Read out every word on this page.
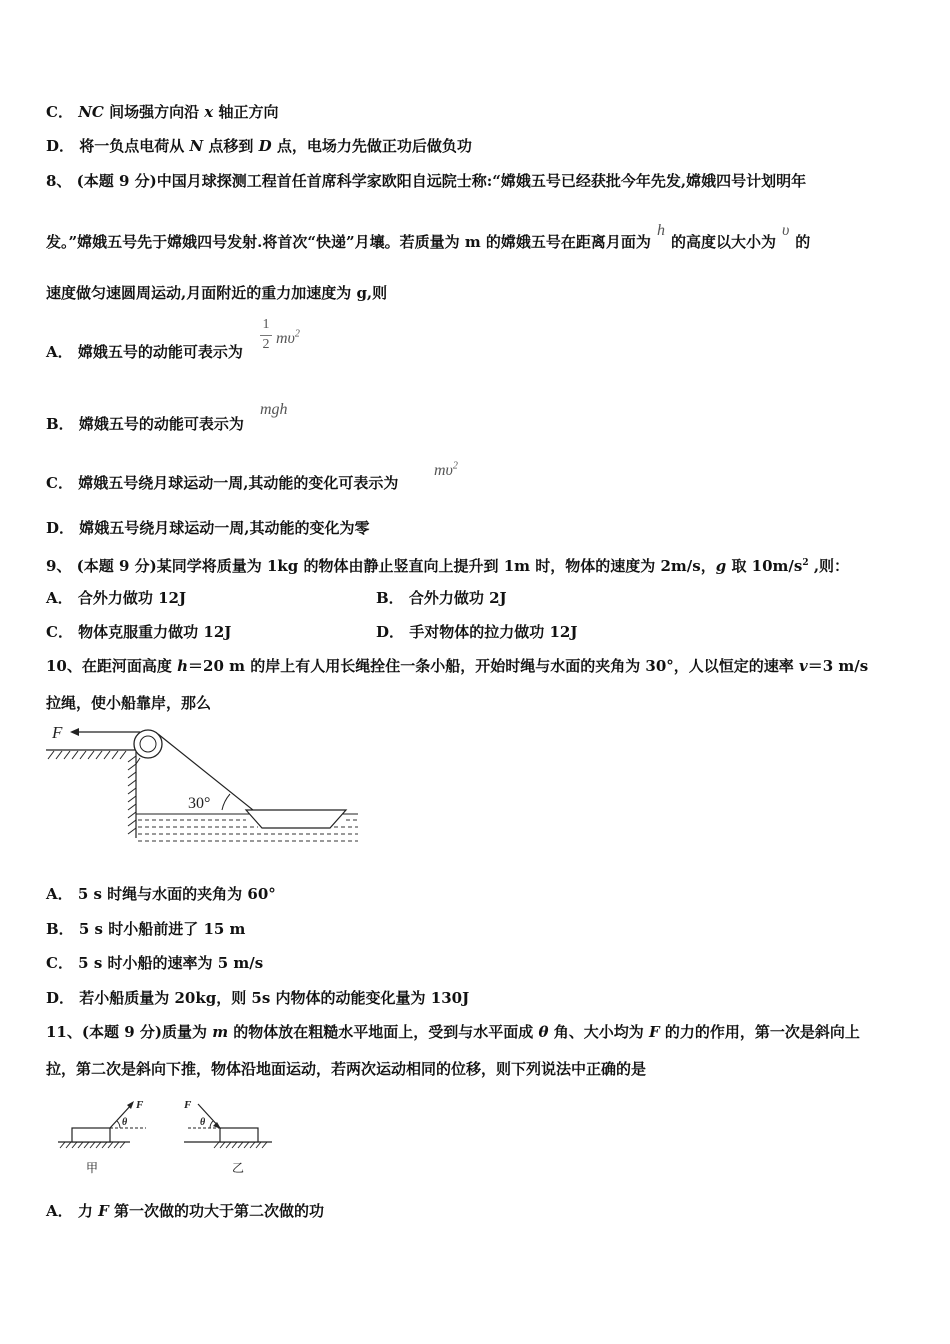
C． NC 间场强方向沿 x 轴正方向
D． 将一负点电荷从 N 点移到 D 点，电场力先做正功后做负功
8、 (本题 9 分)中国月球探测工程首任首席科学家欧阳自远院士称:“嫦娥五号已经获批今年先发,嫦娥四号计划明年
发。”嫦娥五号先于嫦娥四号发射.将首次“快递”月壤。若质量为 m 的嫦娥五号在距离月面为h的高度以大小为υ的
速度做匀速圆周运动,月面附近的重力加速度为 g,则
A． 嫦娥五号的动能可表示为 $\frac{1}{2} m\upsilon^2$
B． 嫦娥五号的动能可表示为
mgh
C． 嫦娥五号绕月球运动一周,其动能的变化可表示为
$m\upsilon^2$
D． 嫦娥五号绕月球运动一周,其动能的变化为零
9、 (本题 9 分)某同学将质量为 1kg 的物体由静止竖直向上提升到 1m 时，物体的速度为 2m/s，g 取 $10m/s^2$ ,则：
A． 合外力做功 12J	B． 合外力做功 2J
C． 物体克服重力做功 12J	D． 手对物体的拉力做功 12J
10、在距河面高度 h＝20 m 的岸上有人用长绳拴住一条小船，开始时绳与水面的夹角为 30°，人以恒定的速率 v＝3 m/s
拉绳，使小船靠岸，那么
F
30°
A． 5 s 时绳与水面的夹角为 60°
B． 5 s 时小船前进了 15 m
C． 5 s 时小船的速率为 5 m/s
D． 若小船质量为 20kg，则 5s 内物体的动能变化量为 130J
11、(本题 9 分)质量为 m 的物体放在粗糙水平地面上，受到与水平面成 θ 角、大小均为 F 的力的作用，第一次是斜向上
拉，第二次是斜向下推，物体沿地面运动，若两次运动相同的位移，则下列说法中正确的是
F
θ
甲
F
θ
乙
A． 力 F 第一次做的功大于第二次做的功
